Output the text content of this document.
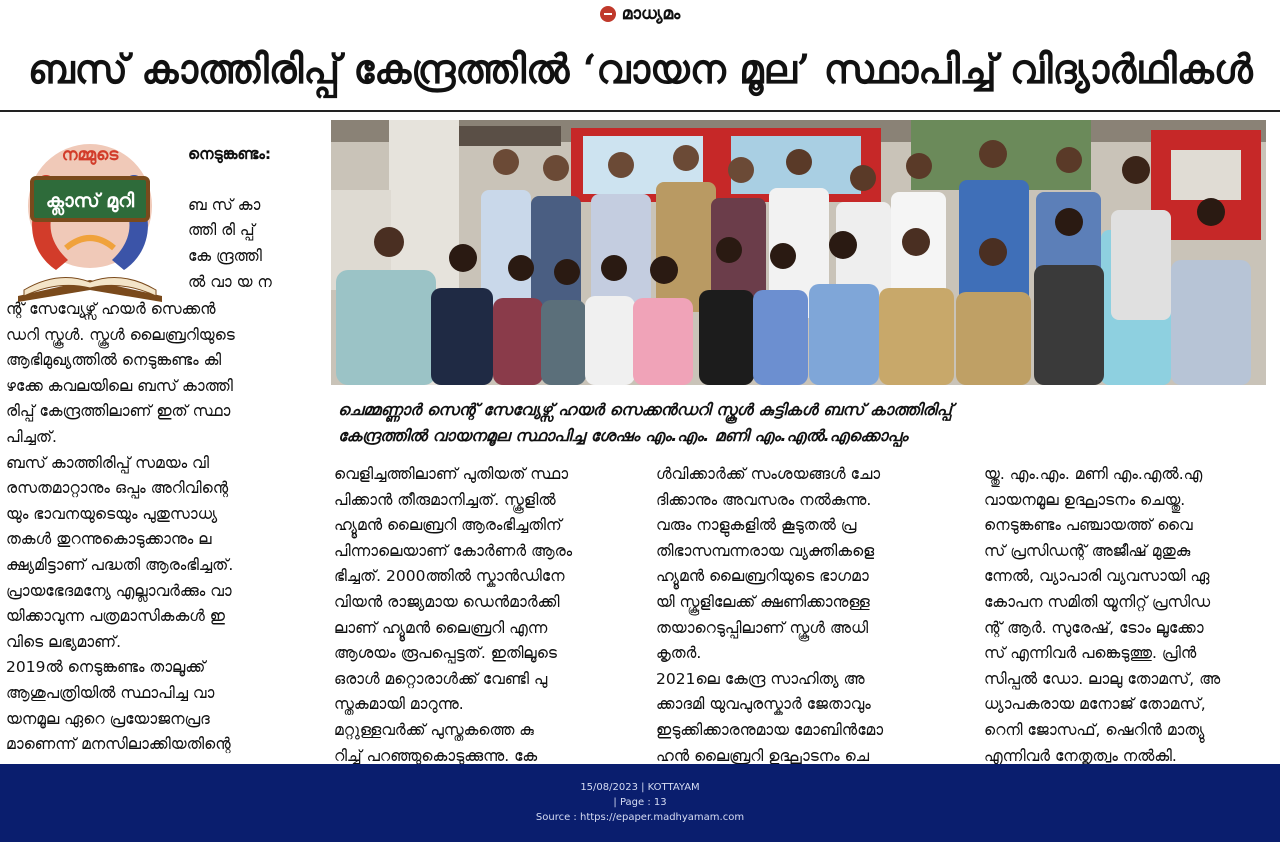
മാധ്യമം
ബസ് കാത്തിരിപ്പ് കേന്ദ്രത്തിൽ ‘വായന മൂല’ സ്ഥാപിച്ച് വിദ്യാർഥികൾ
നമ്മുടെ
ക്ലാസ് മുറി

നെടുങ്കണ്ടം:

ബ സ് കാ
ത്തി രി പ്പ്
കേ ന്ദ്രത്തി
ൽ വാ യ ന

ന്റ് സേവ്യേഴ്സ് ഹയർ സെക്കൻ
ഡറി സ്കൂൾ. സ്കൂൾ ലൈബ്രറിയുടെ
ആഭിമുഖ്യത്തിൽ നെടുങ്കണ്ടം കി
ഴക്കേ കവലയിലെ ബസ് കാത്തി
രിപ്പ് കേന്ദ്രത്തിലാണ് ഇത് സ്ഥാ
പിച്ചത്.
ബസ് കാത്തിരിപ്പ് സമയം വി
രസതമാറ്റാനും ഒപ്പം അറിവിന്റെ
യും ഭാവനയുടെയും പുതുസാധ്യ
തകൾ തുറന്നുകൊടുക്കാനും ല
ക്ഷ്യമിട്ടാണ് പദ്ധതി ആരംഭിച്ചത്.
പ്രായഭേദമന്യേ എല്ലാവർക്കും വാ
യിക്കാവുന്ന പത്രമാസികകൾ ഇ
വിടെ ലഭ്യമാണ്.
2019ൽ നെടുങ്കണ്ടം താലൂക്ക്
ആശുപത്രിയിൽ സ്ഥാപിച്ച വാ
യനമൂല ഏറെ പ്രയോജനപ്രദ
മാണെന്ന് മനസിലാക്കിയതിന്റെ
വെളിച്ചത്തിലാണ് പുതിയത് സ്ഥാ
പിക്കാൻ തീരുമാനിച്ചത്. സ്കൂളിൽ
ഹ്യൂമൻ ലൈബ്രറി ആരംഭിച്ചതിന്
പിന്നാലെയാണ് കോർണർ ആരം
ഭിച്ചത്. 2000ത്തിൽ സ്കാൻഡിനേ
വിയൻ രാജ്യമായ ഡെൻമാർക്കി
ലാണ് ഹ്യൂമൻ ലൈബ്രറി എന്ന
ആശയം രൂപപ്പെട്ടത്. ഇതിലൂടെ
ഒരാൾ മറ്റൊരാൾക്ക് വേണ്ടി പു
സ്തകമായി മാറുന്നു.
മറ്റുള്ളവർക്ക് പുസ്തകത്തെ കു
റിച്ച് പറഞ്ഞുകൊടുക്കുന്നു. കേ
ൾവിക്കാർക്ക് സംശയങ്ങൾ ചോ
ദിക്കാനും അവസരം നൽകുന്നു.
വരും നാളുകളിൽ കൂടുതൽ പ്ര
തിഭാസമ്പന്നരായ വ്യക്തികളെ
ഹ്യൂമൻ ലൈബ്രറിയുടെ ഭാഗമാ
യി സ്കൂളിലേക്ക് ക്ഷണിക്കാനുള്ള
തയാറെടുപ്പിലാണ് സ്കൂൾ അധി
കൃതർ.
2021ലെ കേന്ദ്ര സാഹിത്യ അ
ക്കാദമി യുവപുരസ്കാർ ജേതാവും
ഇടുക്കിക്കാരനുമായ മോബിൻമോ
ഹൻ ലൈബ്രറി ഉദ്ഘാടനം ചെ
യ്തു. എം.എം. മണി എം.എൽ.എ
വായനമൂല ഉദ്ഘാടനം ചെയ്തു.
നെടുങ്കണ്ടം പഞ്ചായത്ത് വൈ
സ് പ്രസിഡന്റ് അജീഷ് മുതുകു
ന്നേൽ, വ്യാപാരി വ്യവസായി ഏ
കോപന സമിതി യൂനിറ്റ് പ്രസിഡ
ന്റ് ആർ. സുരേഷ്, ടോം ലൂക്കോ
സ് എന്നിവർ പങ്കെടുത്തു. പ്രിൻ
സിപ്പൽ ഡോ. ലാലു തോമസ്, അ
ധ്യാപകരായ മനോജ് തോമസ്,
റെനി ജോസഫ്, ഷെറിൻ മാത്യു
എന്നിവർ നേതൃത്വം നൽകി.
ചെമ്മണ്ണാർ സെന്റ് സേവ്യേഴ്സ് ഹയർ സെക്കൻഡറി സ്കൂൾ കുട്ടികൾ ബസ് കാത്തിരിപ്പ്
കേന്ദ്രത്തിൽ വായനമൂല സ്ഥാപിച്ച ശേഷം എം.എം. മണി എം.എൽ.എക്കൊപ്പം
15/08/2023 | KOTTAYAM
| Page : 13
Source : https://epaper.madhyamam.com
